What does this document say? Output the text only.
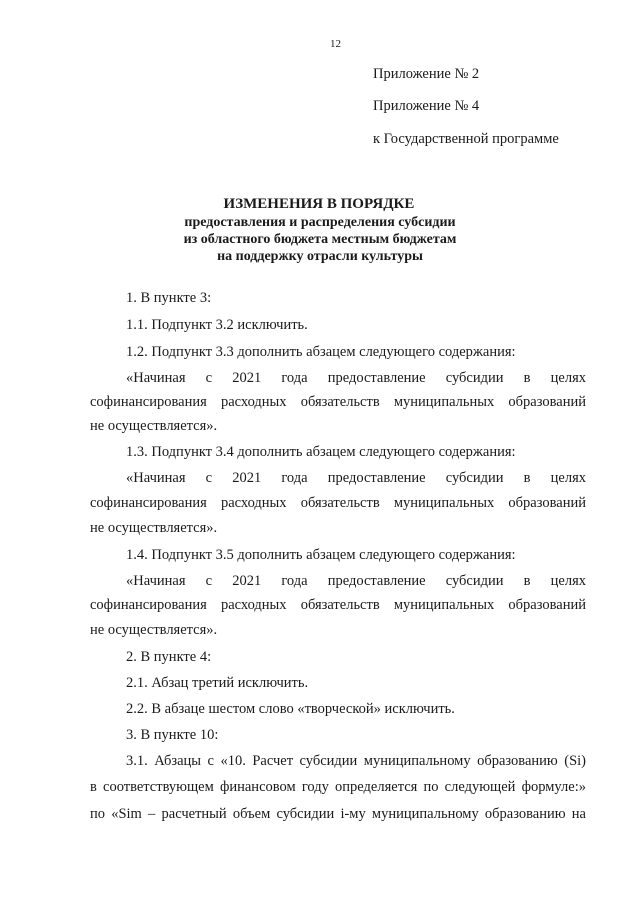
12
Приложение № 2
Приложение № 4
к Государственной программе
ИЗМЕНЕНИЯ В ПОРЯДКЕ
предоставления и распределения субсидии
из областного бюджета местным бюджетам
на поддержку отрасли культуры
1. В пункте 3:
1.1. Подпункт 3.2 исключить.
1.2. Подпункт 3.3 дополнить абзацем следующего содержания:
«Начиная с 2021 года предоставление субсидии в целях
софинансирования расходных обязательств муниципальных образований
не осуществляется».
1.3. Подпункт 3.4 дополнить абзацем следующего содержания:
«Начиная с 2021 года предоставление субсидии в целях
софинансирования расходных обязательств муниципальных образований
не осуществляется».
1.4. Подпункт 3.5 дополнить абзацем следующего содержания:
«Начиная с 2021 года предоставление субсидии в целях
софинансирования расходных обязательств муниципальных образований
не осуществляется».
2. В пункте 4:
2.1. Абзац третий исключить.
2.2. В абзаце шестом слово «творческой» исключить.
3. В пункте 10:
3.1. Абзацы с «10. Расчет субсидии муниципальному образованию (Si)
в соответствующем финансовом году определяется по следующей формуле:»
по «Sim – расчетный объем субсидии i-му муниципальному образованию на
